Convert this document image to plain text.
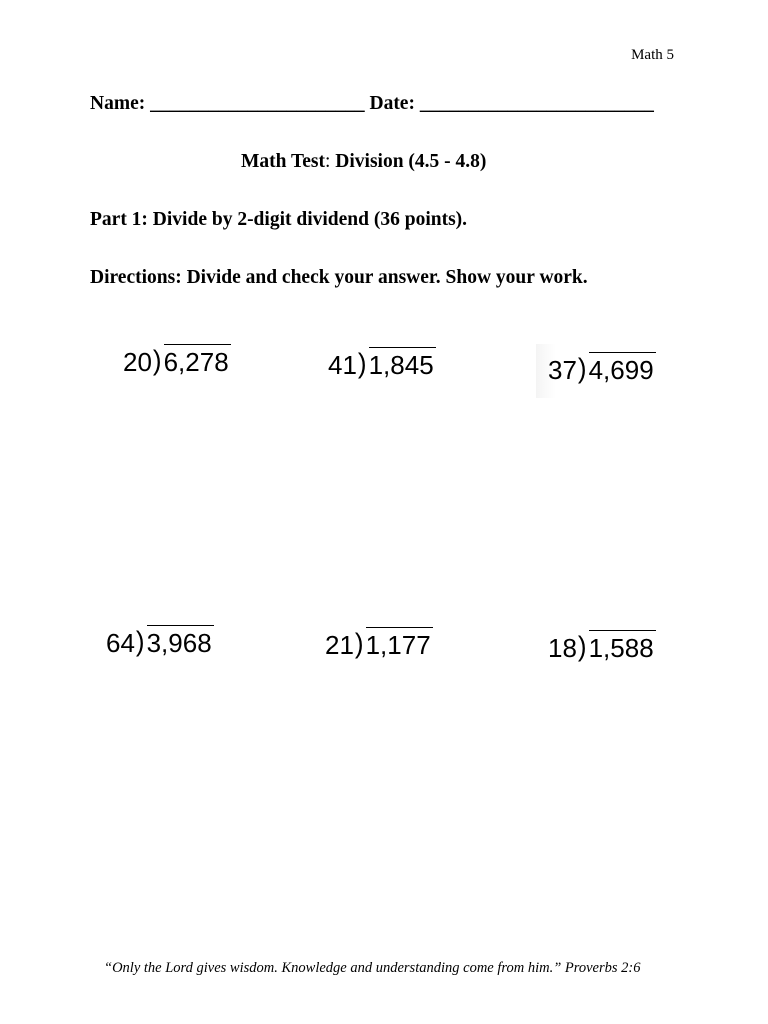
Math 5
Name: ______________________ Date: ________________________
Math Test: Division (4.5 - 4.8)
Part 1: Divide by 2-digit dividend (36 points).
Directions: Divide and check your answer. Show your work.
20)6,278	41)1,845	37)4,699
64)3,968	21)1,177	18)1,588
“Only the Lord gives wisdom. Knowledge and understanding come from him.” Proverbs 2:6
